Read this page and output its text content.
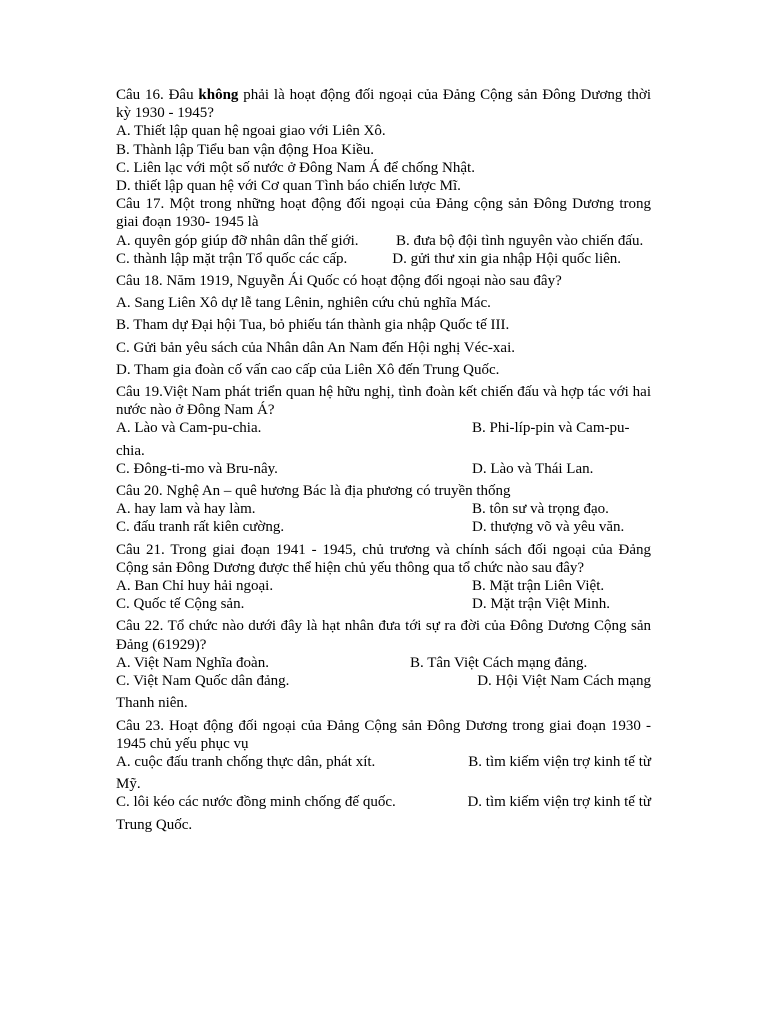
Câu 16. Đâu không phải là hoạt động đối ngoại của Đảng Cộng sản Đông Dương thời kỳ 1930 - 1945?

A. Thiết lập quan hệ ngoai giao với Liên Xô.

B. Thành lập Tiểu ban vận động Hoa Kiều.

C. Liên lạc với một số nước ở Đông Nam Á để chống Nhật.

D. thiết lập quan hệ với Cơ quan Tình báo chiến lược Mĩ.

Câu 17. Một trong những hoạt động đối ngoại của Đảng cộng sản Đông Dương trong giai đoạn 1930- 1945 là

A. quyên góp giúp đỡ nhân dân thế giới.          B. đưa bộ đội tình nguyên vào chiến đấu.

C. thành lập mặt trận Tổ quốc các cấp.            D. gửi thư xin gia nhập Hội quốc liên.

Câu 18. Năm 1919, Nguyễn Ái Quốc có hoạt động đối ngoại nào sau đây?

A. Sang Liên Xô dự lễ tang Lênin, nghiên cứu chủ nghĩa Mác.

B. Tham dự Đại hội Tua, bỏ phiếu tán thành gia nhập Quốc tế III.

C. Gửi bản yêu sách của Nhân dân An Nam đến Hội nghị Véc-xai.

D. Tham gia đoàn cố vấn cao cấp của Liên Xô đến Trung Quốc.

Câu 19.Việt Nam phát triển quan hệ hữu nghị, tình đoàn kết chiến đấu và hợp tác với hai nước nào ở Đông Nam Á?

A. Lào và Cam-pu-chia.	B. Phi-líp-pin và Cam-pu-

chia.

C. Đông-ti-mo và Bru-nây.	D. Lào và Thái Lan.

Câu 20. Nghệ An – quê hương Bác là địa phương có truyền thống

A. hay lam và hay làm.	B. tôn sư và trọng đạo.
C. đấu tranh rất kiên cường.	D. thượng võ và yêu văn.

Câu 21. Trong giai đoạn 1941 - 1945, chủ trương và chính sách đối ngoại của Đảng Cộng sản Đông Dương được thể hiện chủ yếu thông qua tổ chức nào sau đây?

A. Ban Chỉ huy hải ngoại.	B. Mặt trận Liên Việt.
C. Quốc tế Cộng sản.	D. Mặt trận Việt Minh.

Câu 22. Tổ chức nào dưới đây là hạt nhân đưa tới sự ra đời của Đông Dương Cộng sản Đảng (61929)?

A. Việt Nam Nghĩa đoàn.	B. Tân Việt Cách mạng đảng.
C. Việt Nam Quốc dân đảng.	D. Hội Việt Nam Cách mạng

Thanh niên.

Câu 23. Hoạt động đối ngoại của Đảng Cộng sản Đông Dương trong giai đoạn 1930 - 1945 chủ yếu phục vụ

A. cuộc đấu tranh chống thực dân, phát xít.	B. tìm kiếm viện trợ kinh tế từ

Mỹ.

C. lôi kéo các nước đồng minh chống đế quốc.	D. tìm kiếm viện trợ kinh tế từ

Trung Quốc.
